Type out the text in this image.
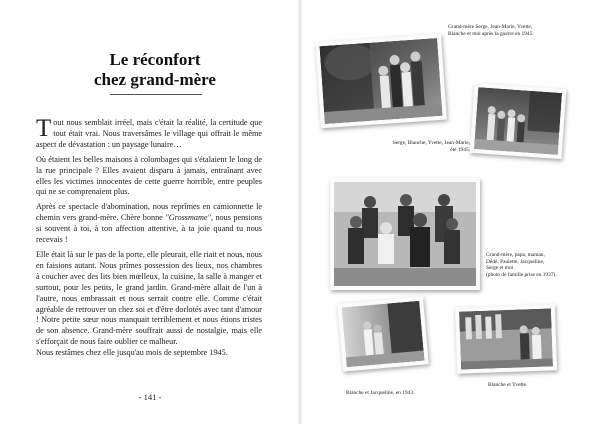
Le réconfort
chez grand-mère

Tout nous semblait irréel, mais c'était la réalité, la certitude que tout était vrai. Nous traversâmes le village qui offrait le même aspect de dévastation : un paysage lunaire…

Où étaient les belles maisons à colombages qui s'étalaient le long de la rue principale ? Elles avaient disparu à jamais, entraînant avec elles les victimes innocentes de cette guerre horrible, entre peuples qui ne se comprenaient plus.

Après ce spectacle d'abomination, nous reprîmes en camionnette le chemin vers grand-mère. Chère bonne "Grossmame", nous pensions si souvent à toi, à ton affection attentive, à ta joie quand tu nous recevais !

Elle était là sur le pas de la porte, elle pleurait, elle riait et nous, nous en faisions autant. Nous prîmes possession des lieux, nos chambres à coucher avec des lits bien mœlleux, la cuisine, la salle à manger et surtout, pour les petits, le grand jardin. Grand-mère allait de l'un à l'autre, nous embrassait et nous serrait contre elle. Comme c'était agréable de retrouver un chez soi et d'être dorlotés avec tant d'amour ! Notre petite sœur nous manquait terriblement et nous étions tristes de son absence. Grand-mère souffrait aussi de nostalgie, mais elle s'efforçait de nous faire oublier ce malheur.

Nous restâmes chez elle jusqu'au mois de septembre 1945.

- 141 -
Grand-mère Serge, Jean-Marie, Yvette,
Blanche et moi après la guerre en 1945.
Serge, Blanche, Yvette, Jean-Marie,
été 1945.
Grand-mère, papa, maman,
Dédé, Paulette, Jacqueline,
Serge et moi
(photo de famille prise en 1937).
Blanche et Jacqueline, en 1943.
Blanche et Yvette.
